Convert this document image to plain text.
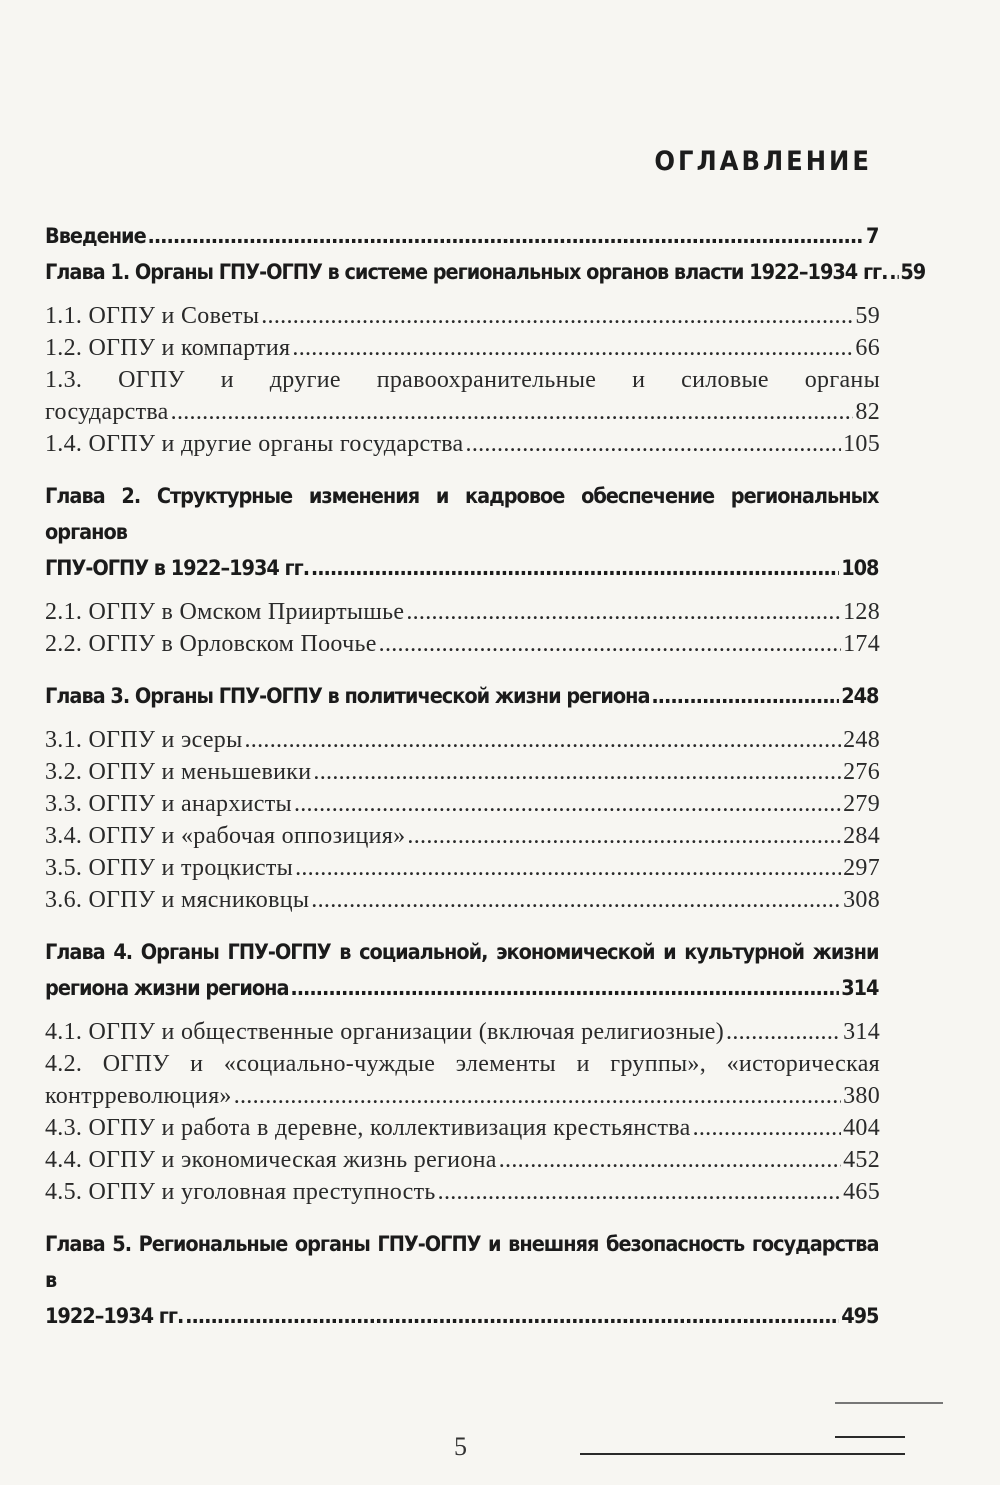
ОГЛАВЛЕНИЕ
Введение .....	7
Глава 1. Органы ГПУ-ОГПУ в системе региональных органов власти 1922–1934 гг. ..... 59
1.1. ОГПУ и Советы .....	59
1.2. ОГПУ и компартия .....	66
1.3. ОГПУ и другие правоохранительные и силовые органы
государства .....	82
1.4. ОГПУ и другие органы государства .....	105
Глава 2. Структурные изменения и кадровое обеспечение региональных органов
ГПУ-ОГПУ в 1922–1934 гг. .....	108
2.1. ОГПУ в Омском Прииртышье .....	128
2.2. ОГПУ в Орловском Поочье .....	174
Глава 3. Органы ГПУ-ОГПУ в политической жизни региона .....	248
3.1. ОГПУ и эсеры .....	248
3.2. ОГПУ и меньшевики .....	276
3.3. ОГПУ и анархисты .....	279
3.4. ОГПУ и «рабочая оппозиция» .....	284
3.5. ОГПУ и троцкисты .....	297
3.6. ОГПУ и мясниковцы .....	308
Глава 4. Органы ГПУ-ОГПУ в социальной, экономической и культурной жизни
региона жизни региона .....	314
4.1. ОГПУ и общественные организации (включая религиозные) .....	314
4.2. ОГПУ и «социально-чуждые элементы и группы», «историческая
контрреволюция» .....	380
4.3. ОГПУ и работа в деревне, коллективизация крестьянства .....	404
4.4. ОГПУ и экономическая жизнь региона .....	452
4.5. ОГПУ и уголовная преступность .....	465
Глава 5. Региональные органы ГПУ-ОГПУ и внешняя безопасность государства в
1922–1934 гг. .....	495
5
